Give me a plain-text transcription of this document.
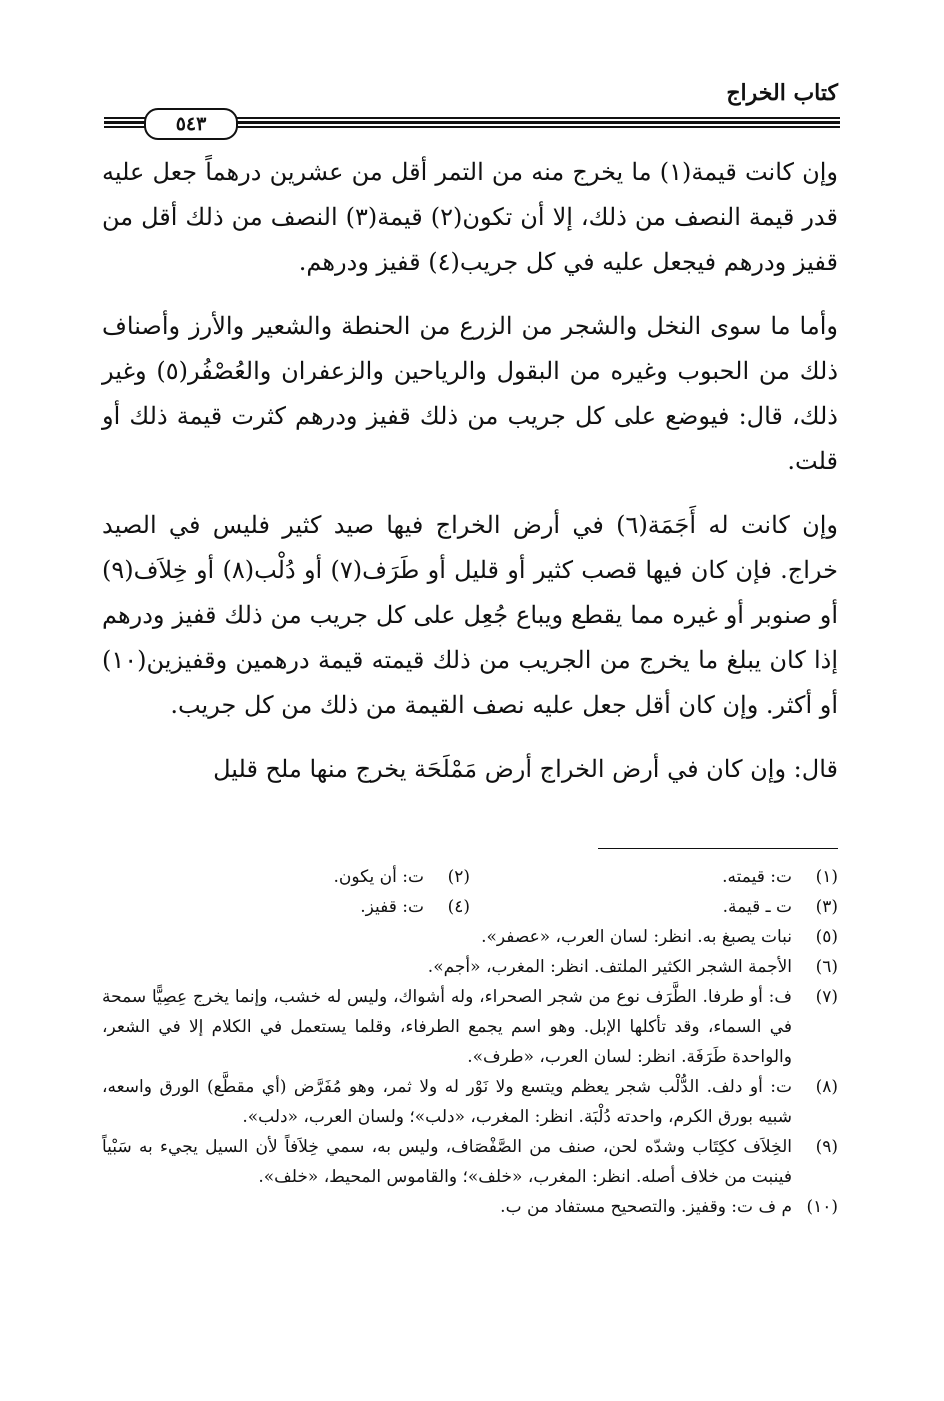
كتاب الخراج
٥٤٣

وإن كانت قيمة(١) ما يخرج منه من التمر أقل من عشرين درهماً جعل عليه قدر قيمة النصف من ذلك، إلا أن تكون(٢) قيمة(٣) النصف من ذلك أقل من قفيز ودرهم فيجعل عليه في كل جريب(٤) قفيز ودرهم.

وأما ما سوى النخل والشجر من الزرع من الحنطة والشعير والأرز وأصناف ذلك من الحبوب وغيره من البقول والرياحين والزعفران والعُصْفُر(٥) وغير ذلك، قال: فيوضع على كل جريب من ذلك قفيز ودرهم كثرت قيمة ذلك أو قلت.

وإن كانت له أَجَمَة(٦) في أرض الخراج فيها صيد كثير فليس في الصيد خراج. فإن كان فيها قصب كثير أو قليل أو طَرَف(٧) أو دُلْب(٨) أو خِلاَف(٩) أو صنوبر أو غيره مما يقطع ويباع جُعِل على كل جريب من ذلك قفيز ودرهم إذا كان يبلغ ما يخرج من الجريب من ذلك قيمته قيمة درهمين وقفيزين(١٠) أو أكثر. وإن كان أقل جعل عليه نصف القيمة من ذلك من كل جريب.

قال: وإن كان في أرض الخراج أرض مَمْلَحَة يخرج منها ملح قليل

(١)
ت: قيمته.
(٢)
ت: أن يكون.
(٣)
ت ـ قيمة.
(٤)
ت: قفيز.
(٥)
نبات يصبغ به. انظر: لسان العرب، «عصفر».
(٦)
الأجمة الشجر الكثير الملتف. انظر: المغرب، «أجم».
(٧)
ف: أو طرفا. الطَّرَف نوع من شجر الصحراء، وله أشواك، وليس له خشب، وإنما يخرج عِصِيًّا سمحة في السماء، وقد تأكلها الإبل. وهو اسم يجمع الطرفاء، وقلما يستعمل في الكلام إلا في الشعر، والواحدة طَرَفَة. انظر: لسان العرب، «طرف».
(٨)
ت: أو دلف. الدُّلْب شجر يعظم ويتسع ولا نَوْر له ولا ثمر، وهو مُفَرَّض (أي مقطَّع) الورق واسعه، شبيه بورق الكرم، واحدته دُلْبَة. انظر: المغرب، «دلب»؛ ولسان العرب، «دلب».
(٩)
الخِلاَف ككِتَاب وشدّه لحن، صنف من الصَّفْصَاف، وليس به، سمي خِلاَفاً لأن السيل يجيء به سَبْياً فينبت من خلاف أصله. انظر: المغرب، «خلف»؛ والقاموس المحيط، «خلف».
(١٠)
م ف ت: وقفيز. والتصحيح مستفاد من ب.
